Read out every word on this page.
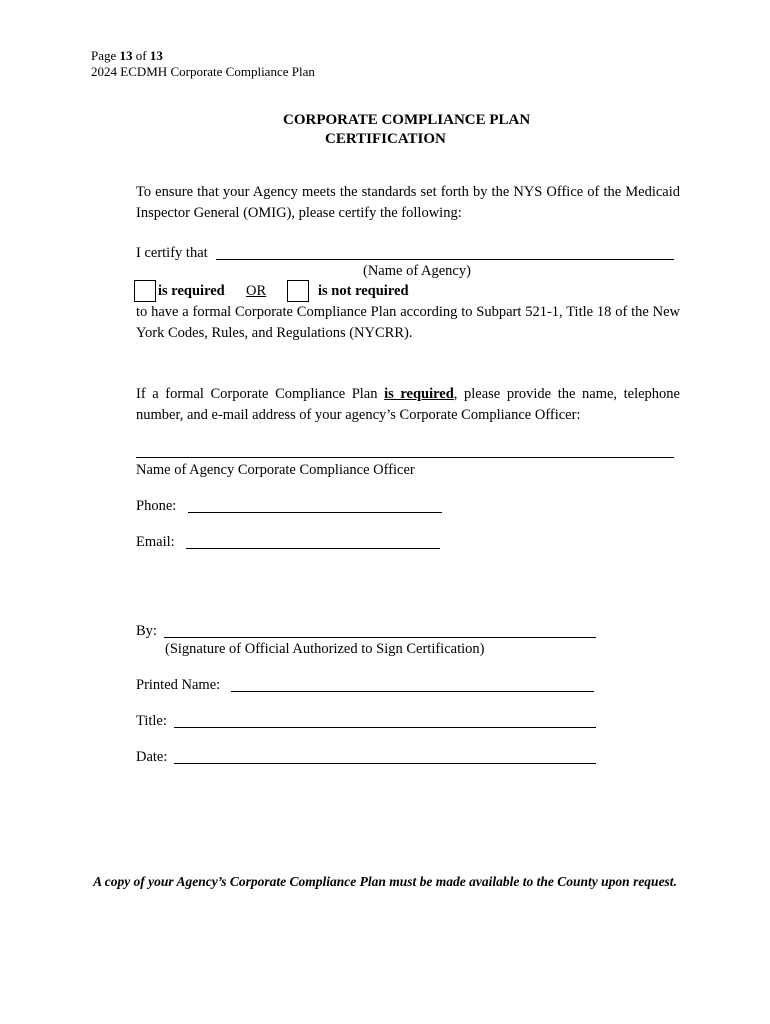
Page 13 of 13
2024 ECDMH Corporate Compliance Plan
CORPORATE COMPLIANCE PLAN
CERTIFICATION
To ensure that your Agency meets the standards set forth by the NYS Office of the Medicaid Inspector General (OMIG), please certify the following:
I certify that
(Name of Agency)
is required OR	is not required
to have a formal Corporate Compliance Plan according to Subpart 521-1, Title 18 of the New York Codes, Rules, and Regulations (NYCRR).
If a formal Corporate Compliance Plan is required, please provide the name, telephone number, and e-mail address of your agency’s Corporate Compliance Officer:
Name of Agency Corporate Compliance Officer
Phone:
Email:
By:
(Signature of Official Authorized to Sign Certification)
Printed Name:
Title:
Date:
A copy of your Agency’s Corporate Compliance Plan must be made available to the County upon request.
